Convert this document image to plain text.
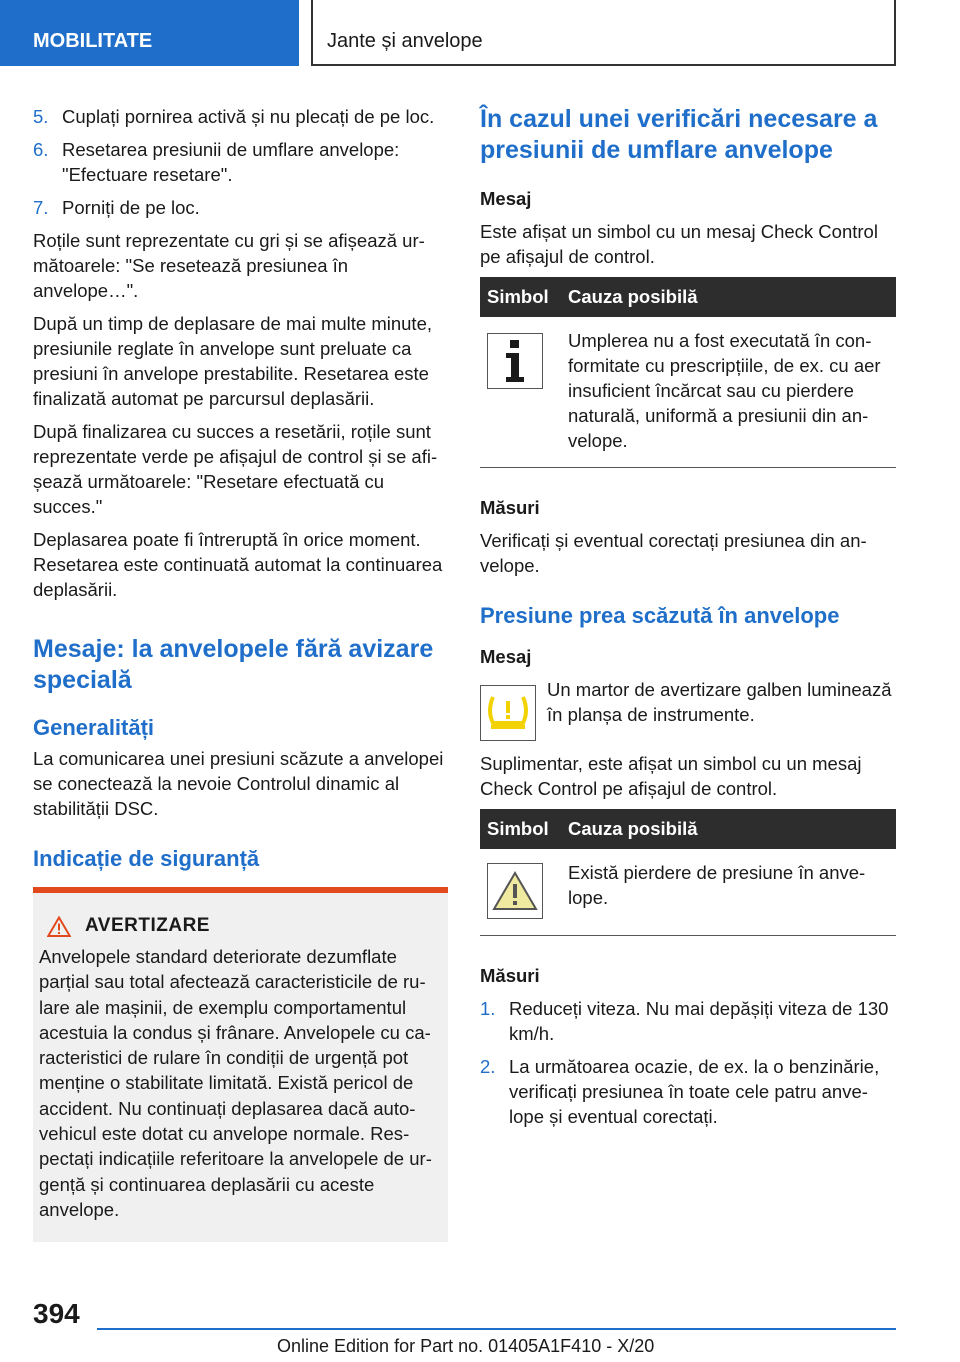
MOBILITATE	Jante și anvelope
5. Cuplați pornirea activă și nu plecați de pe loc.
6. Resetarea presiunii de umflare anvelope: "Efectuare resetare".
7. Porniți de pe loc.

Roțile sunt reprezentate cu gri și se afișează următoarele: "Se resetează presiunea în anvelope…".

După un timp de deplasare de mai multe minute, presiunile reglate în anvelope sunt preluate ca presiuni în anvelope prestabilite. Resetarea este finalizată automat pe parcursul deplasării.

După finalizarea cu succes a resetării, roțile sunt reprezentate verde pe afișajul de control și se afișează următoarele: "Resetare efectuată cu succes."

Deplasarea poate fi întreruptă în orice moment. Resetarea este continuată automat la continuarea deplasării.

Mesaje: la anvelopele fără avizare specială
Generalități

La comunicarea unei presiuni scăzute a anvelopei se conectează la nevoie Controlul dinamic al stabilității DSC.

Indicație de siguranță
AVERTIZARE

Anvelopele standard deteriorate dezumflate parțial sau total afectează caracteristicile de rulare ale mașinii, de exemplu comportamentul acestuia la condus și frânare. Anvelopele cu caracteristici de rulare în condiții de urgență pot menține o stabilitate limitată. Există pericol de accident. Nu continuați deplasarea dacă autovehicul este dotat cu anvelope normale. Respectați indicațiile referitoare la anvelopele de urgență și continuarea deplasării cu aceste anvelope.

În cazul unei verificări necesare a presiunii de umflare anvelope
Mesaj

Este afișat un simbol cu un mesaj Check Control pe afișajul de control.

Simbol	Cauza posibilă

	Umplerea nu a fost executată în conformitate cu prescripțiile, de ex. cu aer insuficient încărcat sau cu pierdere naturală, uniformă a presiunii din anvelope.
Măsuri

Verificați și eventual corectați presiunea din anvelope.

Presiune prea scăzută în anvelope
Mesaj
Un martor de avertizare galben luminează în planșa de instrumente.

Suplimentar, este afișat un simbol cu un mesaj Check Control pe afișajul de control.

Simbol	Cauza posibilă

	Există pierdere de presiune în anvelope.
Măsuri
1. Reduceți viteza. Nu mai depășiți viteza de 130 km/h.
2. La următoarea ocazie, de ex. la o benzinărie, verificați presiunea în toate cele patru anvelope și eventual corectați.
394
Online Edition for Part no. 01405A1F410 - X/20
